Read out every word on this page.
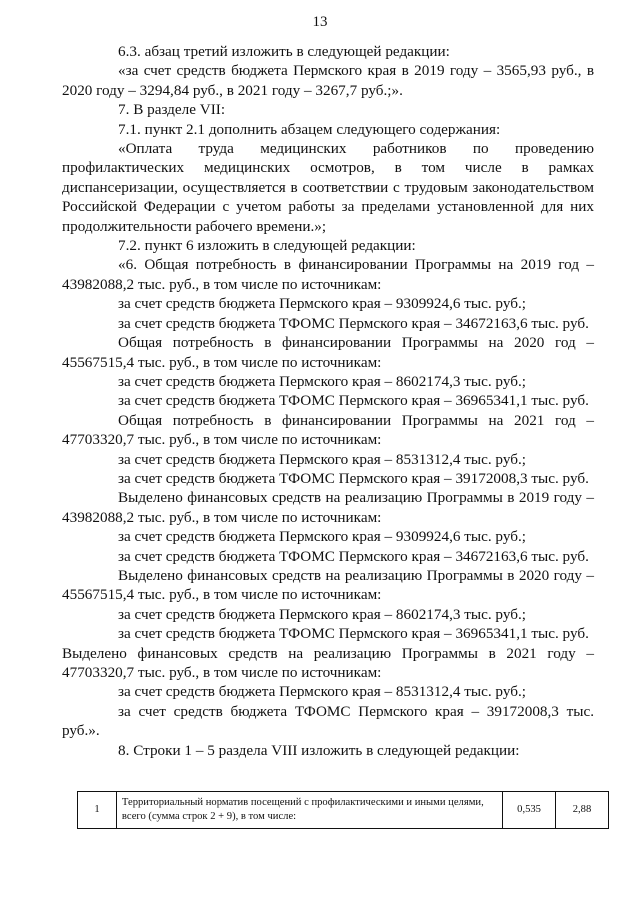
13
6.3. абзац третий изложить в следующей редакции:
«за счет средств бюджета Пермского края в 2019 году – 3565,93 руб., в 2020 году – 3294,84 руб., в 2021 году – 3267,7 руб.;».
7. В разделе VII:
7.1. пункт 2.1 дополнить абзацем следующего содержания:
«Оплата труда медицинских работников по проведению профилактических медицинских осмотров, в том числе в рамках диспансеризации, осуществляется в соответствии с трудовым законодательством Российской Федерации с учетом работы за пределами установленной для них продолжительности рабочего времени.»;
7.2. пункт 6 изложить в следующей редакции:
«6. Общая потребность в финансировании Программы на 2019 год – 43982088,2 тыс. руб., в том числе по источникам:
за счет средств бюджета Пермского края – 9309924,6 тыс. руб.;
за счет средств бюджета ТФОМС Пермского края – 34672163,6 тыс. руб.
Общая потребность в финансировании Программы на 2020 год – 45567515,4 тыс. руб., в том числе по источникам:
за счет средств бюджета Пермского края – 8602174,3 тыс. руб.;
за счет средств бюджета ТФОМС Пермского края – 36965341,1 тыс. руб.
Общая потребность в финансировании Программы на 2021 год – 47703320,7 тыс. руб., в том числе по источникам:
за счет средств бюджета Пермского края – 8531312,4 тыс. руб.;
за счет средств бюджета ТФОМС Пермского края – 39172008,3 тыс. руб.
Выделено финансовых средств на реализацию Программы в 2019 году – 43982088,2 тыс. руб., в том числе по источникам:
за счет средств бюджета Пермского края – 9309924,6 тыс. руб.;
за счет средств бюджета ТФОМС Пермского края – 34672163,6 тыс. руб.
Выделено финансовых средств на реализацию Программы в 2020 году – 45567515,4 тыс. руб., в том числе по источникам:
за счет средств бюджета Пермского края – 8602174,3 тыс. руб.;
за счет средств бюджета ТФОМС Пермского края – 36965341,1 тыс. руб.
Выделено финансовых средств на реализацию Программы в 2021 году – 47703320,7 тыс. руб., в том числе по источникам:
за счет средств бюджета Пермского края – 8531312,4 тыс. руб.;
за счет средств бюджета ТФОМС Пермского края – 39172008,3 тыс. руб.».
8. Строки 1 – 5 раздела VIII изложить в следующей редакции:
1	Территориальный норматив посещений с профилактическими и иными целями, всего (сумма строк 2 + 9), в том числе:	0,535	2,88
